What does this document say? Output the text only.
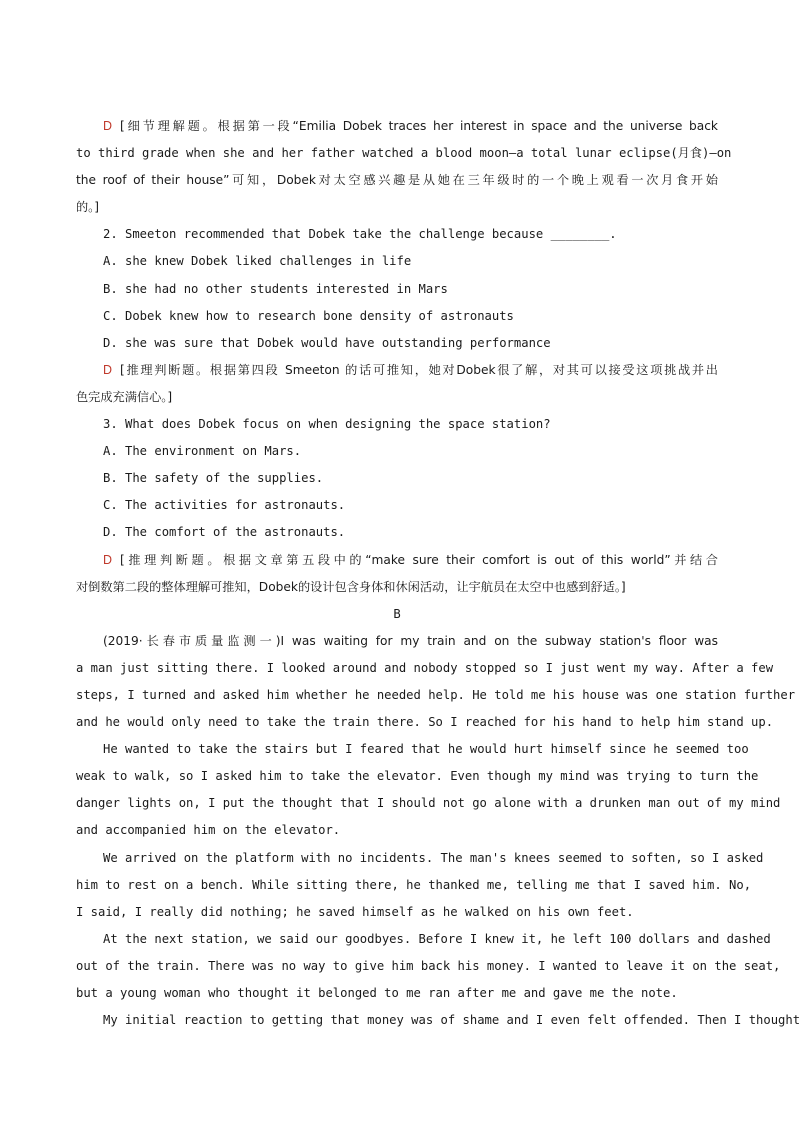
D [细节理解题。根据第一段“Emilia Dobek traces her interest in space and the universe back
to third grade when she and her father watched a blood moon—a total lunar eclipse(月食)—on
the roof of their house”可知，Dobek对太空感兴趣是从她在三年级时的一个晚上观看一次月食开始
的。]
2. Smeeton recommended that Dobek take the challenge because ________.
A. she knew Dobek liked challenges in life
B. she had no other students interested in Mars
C. Dobek knew how to research bone density of astronauts
D. she was sure that Dobek would have outstanding performance
D [推理判断题。根据第四段 Smeeton 的话可推知，她对Dobek很了解，对其可以接受这项挑战并出
色完成充满信心。]
3. What does Dobek focus on when designing the space station?
A. The environment on Mars.
B. The safety of the supplies.
C. The activities for astronauts.
D. The comfort of the astronauts.
D [推理判断题。根据文章第五段中的“make sure their comfort is out of this world”并结合
对倒数第二段的整体理解可推知，Dobek的设计包含身体和休闲活动，让宇航员在太空中也感到舒适。]
B
(2019·长春市质量监测一)I was waiting for my train and on the subway station's floor was
a man just sitting there. I looked around and nobody stopped so I just went my way. After a few
steps, I turned and asked him whether he needed help. He told me his house was one station further
and he would only need to take the train there. So I reached for his hand to help him stand up.
He wanted to take the stairs but I feared that he would hurt himself since he seemed too
weak to walk, so I asked him to take the elevator. Even though my mind was trying to turn the
danger lights on, I put the thought that I should not go alone with a drunken man out of my mind
and accompanied him on the elevator.
We arrived on the platform with no incidents. The man's knees seemed to soften, so I asked
him to rest on a bench. While sitting there, he thanked me, telling me that I saved him. No,
I said, I really did nothing; he saved himself as he walked on his own feet.
At the next station, we said our goodbyes. Before I knew it, he left 100 dollars and dashed
out of the train. There was no way to give him back his money. I wanted to leave it on the seat,
but a young woman who thought it belonged to me ran after me and gave me the note.
My initial reaction to getting that money was of shame and I even felt offended. Then I thought
